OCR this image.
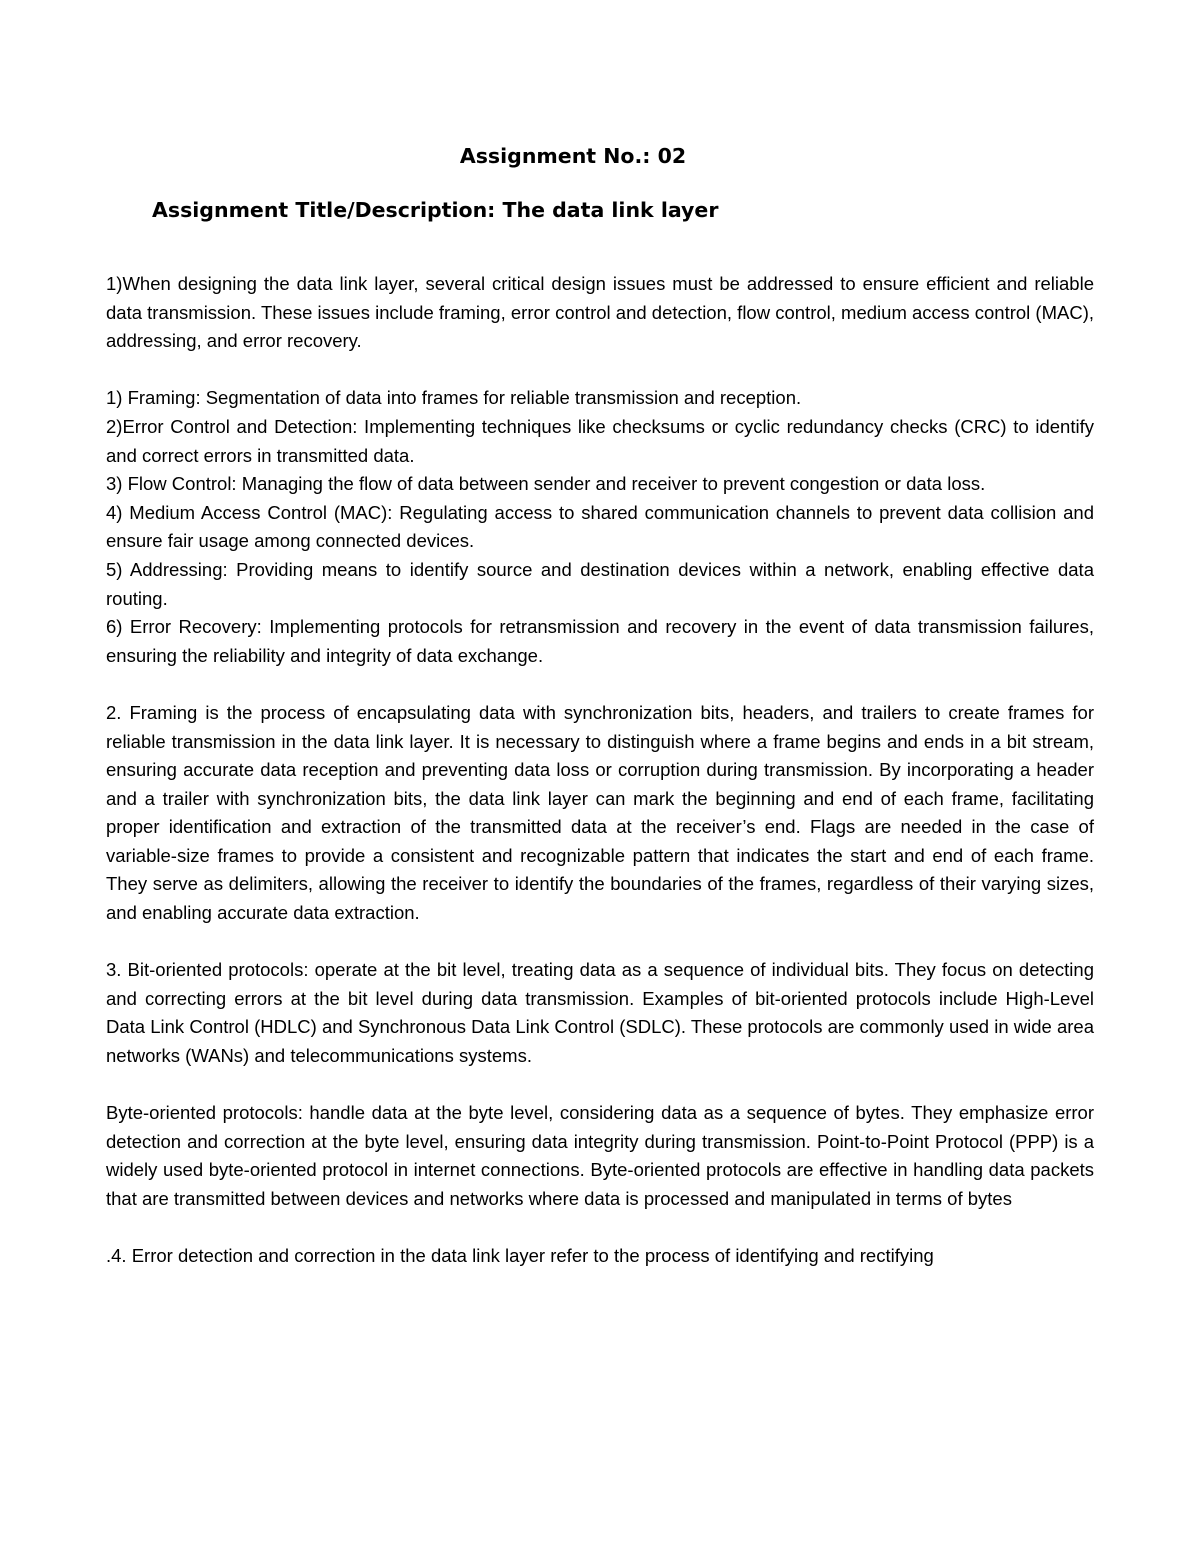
Assignment No.: 02
Assignment Title/Description: The data link layer

1)When designing the data link layer, several critical design issues must be addressed to ensure efficient and reliable data transmission. These issues include framing, error control and detection, flow control, medium access control (MAC), addressing, and error recovery.

1) Framing: Segmentation of data into frames for reliable transmission and reception.

2)Error Control and Detection: Implementing techniques like checksums or cyclic redundancy checks (CRC) to identify and correct errors in transmitted data.

3) Flow Control: Managing the flow of data between sender and receiver to prevent congestion or data loss.

4) Medium Access Control (MAC): Regulating access to shared communication channels to prevent data collision and ensure fair usage among connected devices.

5) Addressing: Providing means to identify source and destination devices within a network, enabling effective data routing.

6) Error Recovery: Implementing protocols for retransmission and recovery in the event of data transmission failures, ensuring the reliability and integrity of data exchange.

2. Framing is the process of encapsulating data with synchronization bits, headers, and trailers to create frames for reliable transmission in the data link layer. It is necessary to distinguish where a frame begins and ends in a bit stream, ensuring accurate data reception and preventing data loss or corruption during transmission. By incorporating a header and a trailer with synchronization bits, the data link layer can mark the beginning and end of each frame, facilitating proper identification and extraction of the transmitted data at the receiver’s end. Flags are needed in the case of variable-size frames to provide a consistent and recognizable pattern that indicates the start and end of each frame. They serve as delimiters, allowing the receiver to identify the boundaries of the frames, regardless of their varying sizes, and enabling accurate data extraction.

3. Bit-oriented protocols: operate at the bit level, treating data as a sequence of individual bits. They focus on detecting and correcting errors at the bit level during data transmission. Examples of bit-oriented protocols include High-Level Data Link Control (HDLC) and Synchronous Data Link Control (SDLC). These protocols are commonly used in wide area networks (WANs) and telecommunications systems.

Byte-oriented protocols: handle data at the byte level, considering data as a sequence of bytes. They emphasize error detection and correction at the byte level, ensuring data integrity during transmission. Point-to-Point Protocol (PPP) is a widely used byte-oriented protocol in internet connections. Byte-oriented protocols are effective in handling data packets that are transmitted between devices and networks where data is processed and manipulated in terms of bytes

.4. Error detection and correction in the data link layer refer to the process of identifying and rectifying
